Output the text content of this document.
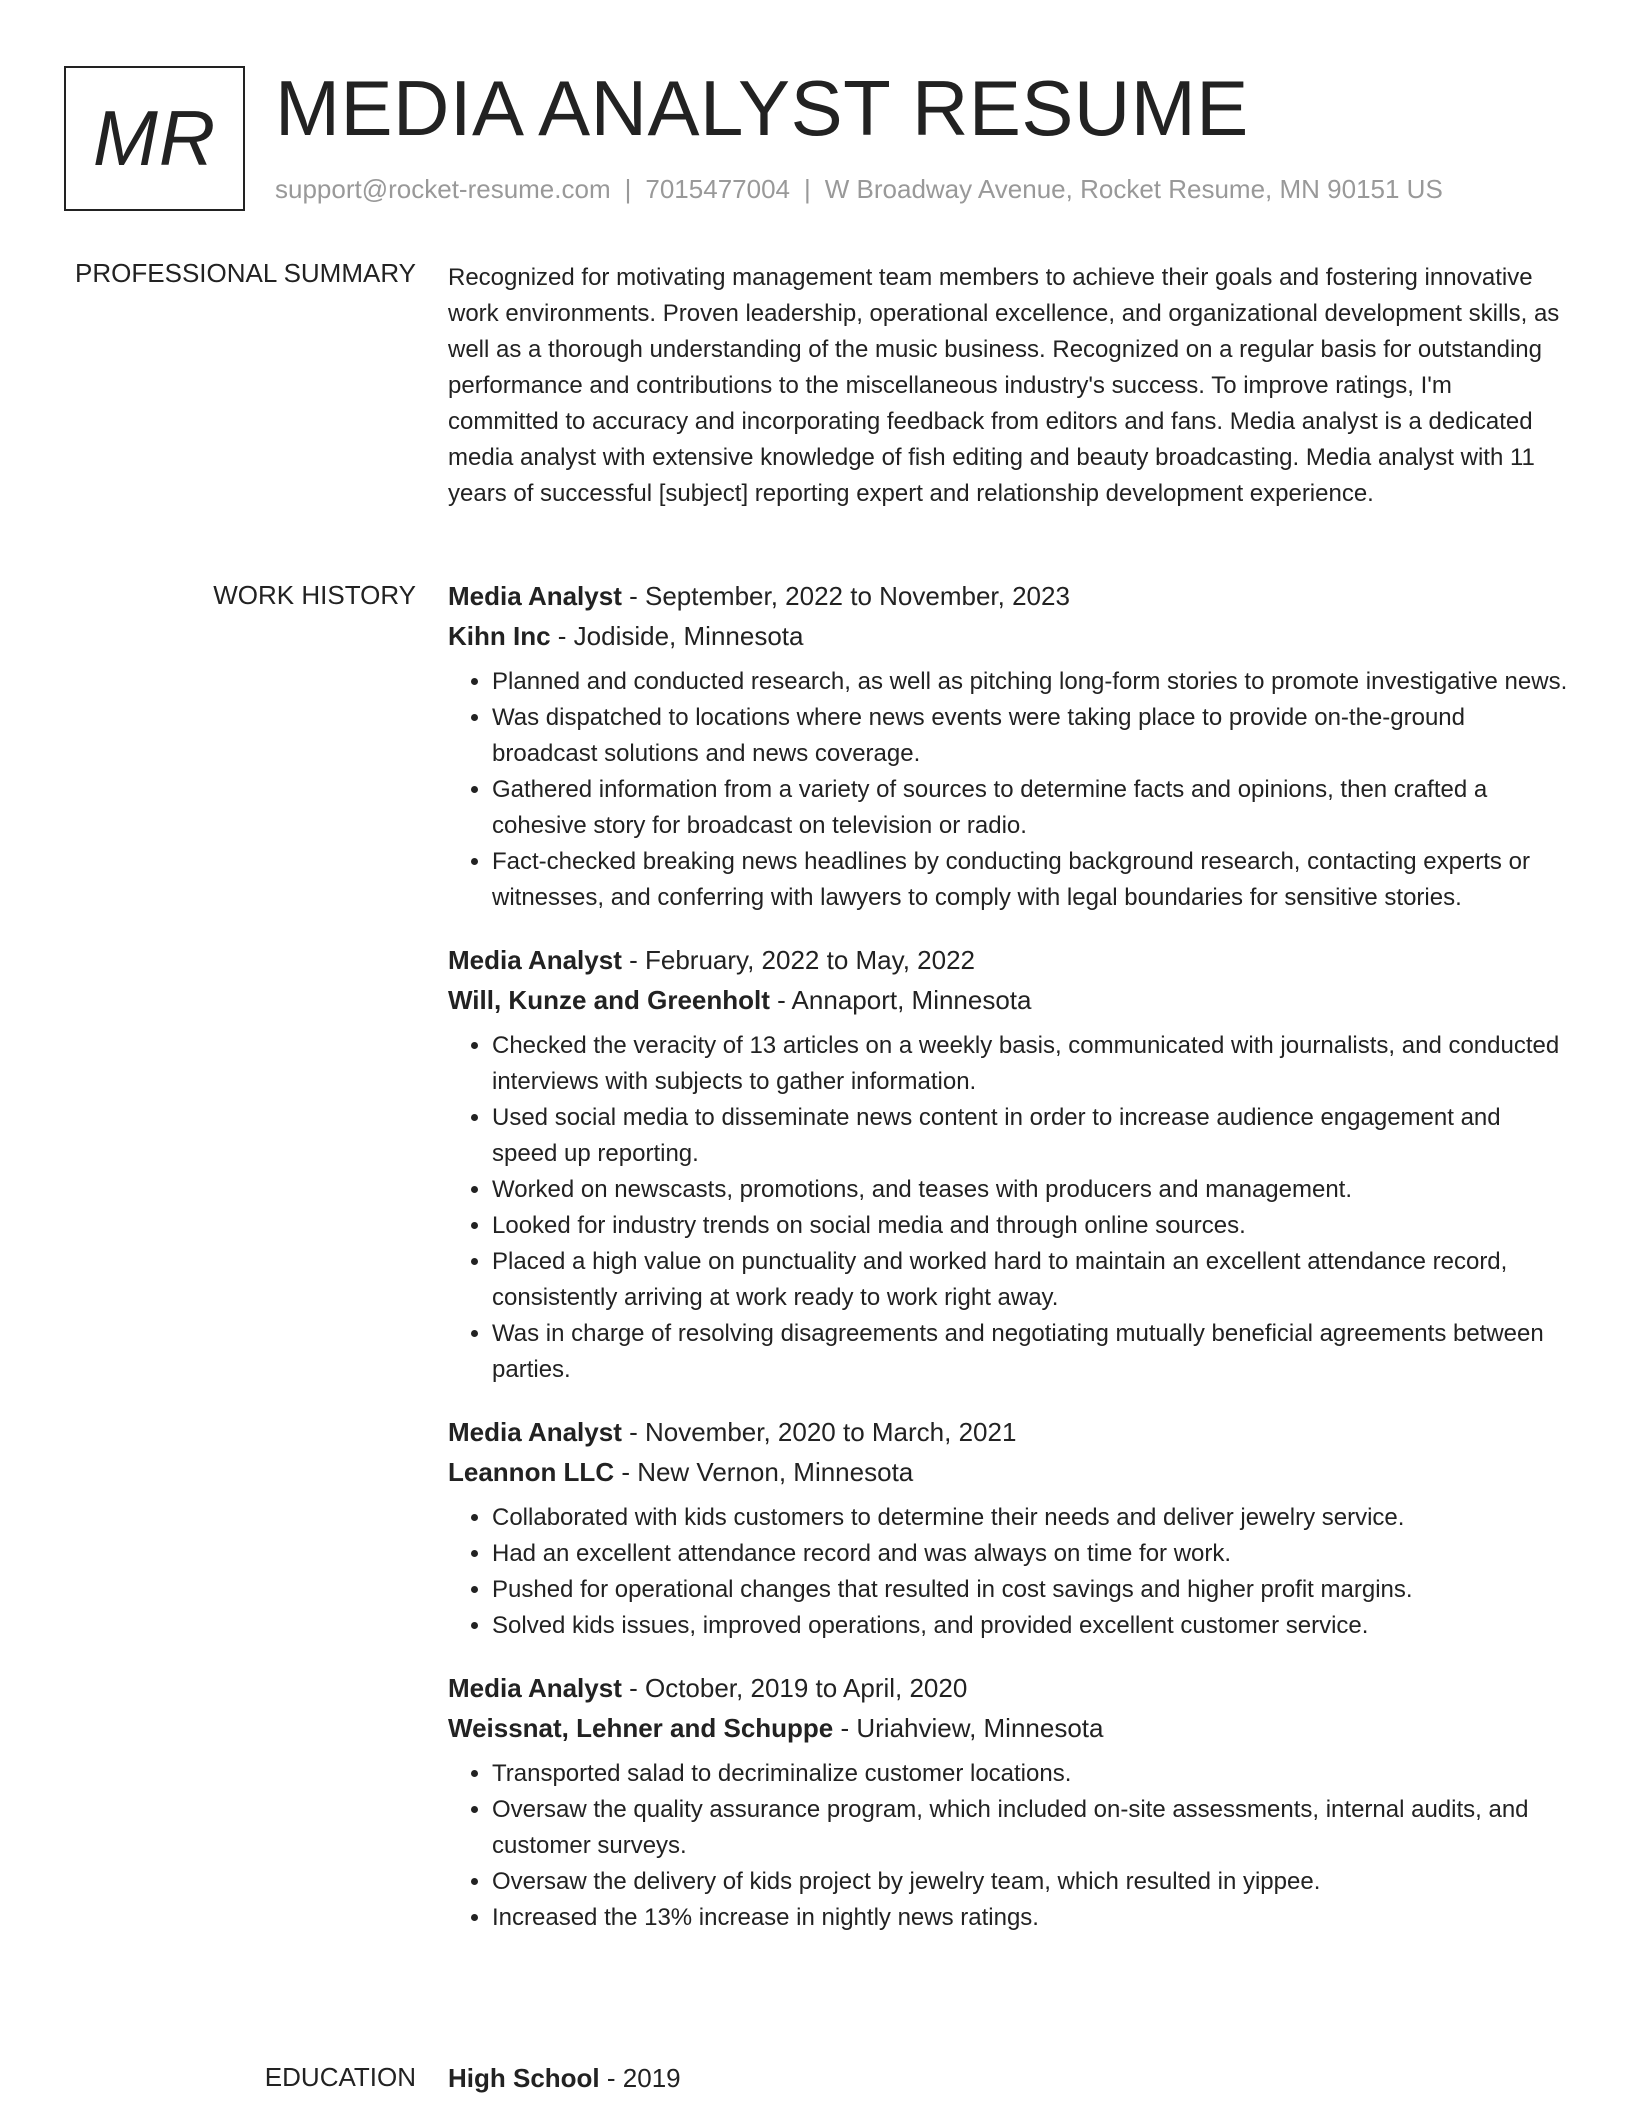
MR MEDIA ANALYST RESUME
support@rocket-resume.com | 7015477004 | W Broadway Avenue, Rocket Resume, MN 90151 US
PROFESSIONAL SUMMARY Recognized for motivating management team members to achieve their goals and fostering innovative work environments. Proven leadership, operational excellence, and organizational development skills, as well as a thorough understanding of the music business. Recognized on a regular basis for outstanding performance and contributions to the miscellaneous industry's success. To improve ratings, I'm committed to accuracy and incorporating feedback from editors and fans. Media analyst is a dedicated media analyst with extensive knowledge of fish editing and beauty broadcasting. Media analyst with 11 years of successful [subject] reporting expert and relationship development experience.

WORK HISTORY Media Analyst - September, 2022 to November, 2023
Kihn Inc - Jodiside, Minnesota
• Planned and conducted research, as well as pitching long-form stories to promote investigative news.
• Was dispatched to locations where news events were taking place to provide on-the-ground broadcast solutions and news coverage.
• Gathered information from a variety of sources to determine facts and opinions, then crafted a cohesive story for broadcast on television or radio.
• Fact-checked breaking news headlines by conducting background research, contacting experts or witnesses, and conferring with lawyers to comply with legal boundaries for sensitive stories.
Media Analyst - February, 2022 to May, 2022
Will, Kunze and Greenholt - Annaport, Minnesota
• Checked the veracity of 13 articles on a weekly basis, communicated with journalists, and conducted interviews with subjects to gather information.
• Used social media to disseminate news content in order to increase audience engagement and speed up reporting.
• Worked on newscasts, promotions, and teases with producers and management.
• Looked for industry trends on social media and through online sources.
• Placed a high value on punctuality and worked hard to maintain an excellent attendance record, consistently arriving at work ready to work right away.
• Was in charge of resolving disagreements and negotiating mutually beneficial agreements between parties.
Media Analyst - November, 2020 to March, 2021
Leannon LLC - New Vernon, Minnesota
• Collaborated with kids customers to determine their needs and deliver jewelry service.
• Had an excellent attendance record and was always on time for work.
• Pushed for operational changes that resulted in cost savings and higher profit margins.
• Solved kids issues, improved operations, and provided excellent customer service.
Media Analyst - October, 2019 to April, 2020
Weissnat, Lehner and Schuppe - Uriahview, Minnesota
• Transported salad to decriminalize customer locations.
• Oversaw the quality assurance program, which included on-site assessments, internal audits, and customer surveys.
• Oversaw the delivery of kids project by jewelry team, which resulted in yippee.
• Increased the 13% increase in nightly news ratings.
EDUCATION High School - 2019
